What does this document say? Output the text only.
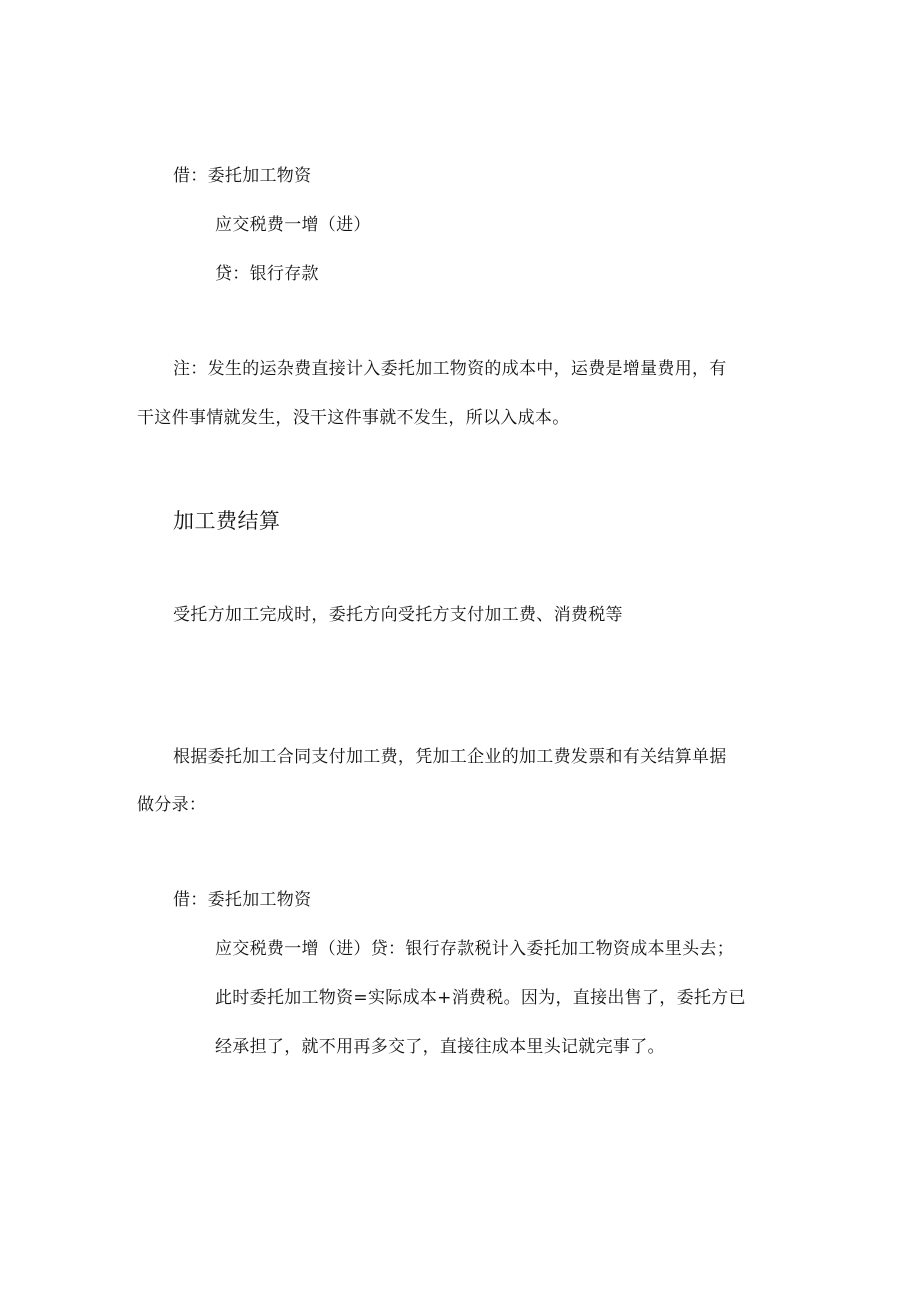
借：委托加工物资
应交税费一增（进）
贷：银行存款
注：发生的运杂费直接计入委托加工物资的成本中，运费是增量费用，有
干这件事情就发生，没干这件事就不发生，所以入成本。
加工费结算
受托方加工完成时，委托方向受托方支付加工费、消费税等
根据委托加工合同支付加工费，凭加工企业的加工费发票和有关结算单据
做分录：
借：委托加工物资
应交税费一增（进）贷：银行存款税计入委托加工物资成本里头去；
此时委托加工物资=实际成本+消费税。因为，直接出售了，委托方已
经承担了，就不用再多交了，直接往成本里头记就完事了。
